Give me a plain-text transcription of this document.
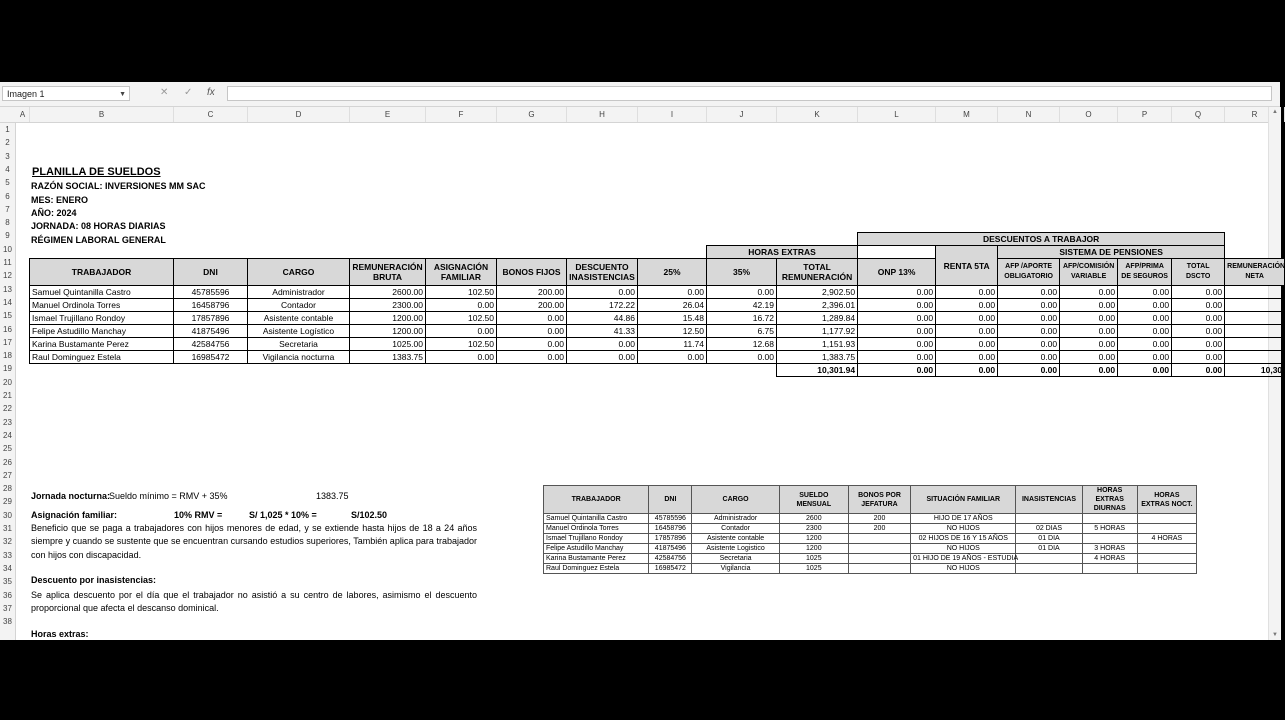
Imagen 1	▼	✕ ✓ fx
A	B	C	D	E	F	G	H	I	J	K	L	M	N	O	P	Q	R
1
2
3
4
5
6
7
8
9
10
11
12
13
14
15
16
17
18
19
20
21
22
23
24
25
26
27
28
29
30
31
32
33
34
35
36
37
38
▲
▼
PLANILLA DE SUELDOS
RAZÓN SOCIAL: INVERSIONES MM SAC
MES: ENERO
AÑO: 2024
JORNADA: 08 HORAS DIARIAS
RÉGIMEN LABORAL GENERAL
										DESCUENTOS A TRABAJOR						
								HORAS EXTRAS			RENTA 5TA	SISTEMA DE PENSIONES				
TRABAJADOR	DNI	CARGO	REMUNERACIÓN BRUTA	ASIGNACIÓN FAMILIAR	BONOS FIJOS	DESCUENTO INASISTENCIAS	25%	35%	TOTAL REMUNERACIÓN	ONP 13%		AFP /APORTE OBLIGATORIO	AFP/COMISIÓN VARIABLE	AFP/PRIMA DE SEGUROS	TOTAL DSCTO	REMUNERACIÓN NETA
Samuel Quintanilla Castro	45785596	Administrador	2600.00	102.50	200.00	0.00	0.00	0.00	2,902.50	0.00	0.00	0.00	0.00	0.00	0.00	
Manuel Ordinola Torres	16458796	Contador	2300.00	0.00	200.00	172.22	26.04	42.19	2,396.01	0.00	0.00	0.00	0.00	0.00	0.00	
Ismael Trujillano Rondoy	17857896	Asistente contable	1200.00	102.50	0.00	44.86	15.48	16.72	1,289.84	0.00	0.00	0.00	0.00	0.00	0.00	
Felipe Astudillo Manchay	41875496	Asistente Logístico	1200.00	0.00	0.00	41.33	12.50	6.75	1,177.92	0.00	0.00	0.00	0.00	0.00	0.00	
Karina Bustamante Perez	42584756	Secretaria	1025.00	102.50	0.00	0.00	11.74	12.68	1,151.93	0.00	0.00	0.00	0.00	0.00	0.00	
Raul Dominguez Estela	16985472	Vigilancia nocturna	1383.75	0.00	0.00	0.00	0.00	0.00	1,383.75	0.00	0.00	0.00	0.00	0.00	0.00	
									10,301.94	0.00	0.00	0.00	0.00	0.00	0.00	10,30
Jornada nocturna:
Sueldo mínimo = RMV + 35%	1383.75
Asignación familiar:	10% RMV =	S/ 1,025 * 10% =	S/102.50
Beneficio que se paga a trabajadores con hijos menores de edad, y se extiende hasta hijos de 18 a 24 años siempre y cuando se sustente que se encuentran cursando estudios superiores, También aplica para trabajador con hijos con discapacidad.
Descuento por inasistencias:
Se aplica descuento por el día que el trabajador no asistió a su centro de labores, asimismo el descuento proporcional que afecta el descanso dominical.
Horas extras:
La empresa está obligada a compensar al trabajador por el trabajo en sobretiempo, considerando no solo el pago de la remuneración correspondiente, si no también el pago sobretasas del 25% por las 02 primeras horas y el 35% a partir de la tercera hora.
En caso de trabajo días de descanso o domingos el pago de sobretesa es al 100% es decir pago doble.
CÁLCULOS:
TRABAJADOR	DNI	CARGO	SUELDO MENSUAL	BONOS POR JEFATURA	SITUACIÓN FAMILIAR	INASISTENCIAS	HORAS EXTRAS DIURNAS	HORAS EXTRAS NOCT.
Samuel Quintanilla Castro	45785596	Administrador	2600	200	HIJO DE 17 AÑOS			
Manuel Ordinola Torres	16458796	Contador	2300	200	NO HIJOS	02 DIAS	5 HORAS	
Ismael Trujillano Rondoy	17857896	Asistente contable	1200		02 HIJOS DE 16 Y 15 AÑOS	01 DIA		4 HORAS
Felipe Astudillo Manchay	41875496	Asistente Logistico	1200		NO HIJOS	01 DIA	3 HORAS	
Karina Bustamante Perez	42584756	Secretaria	1025		01 HIJO DE 19 AÑOS - ESTUDIA		4 HORAS	
Raul Dominguez Estela	16985472	Vigilancia	1025		NO HIJOS			
